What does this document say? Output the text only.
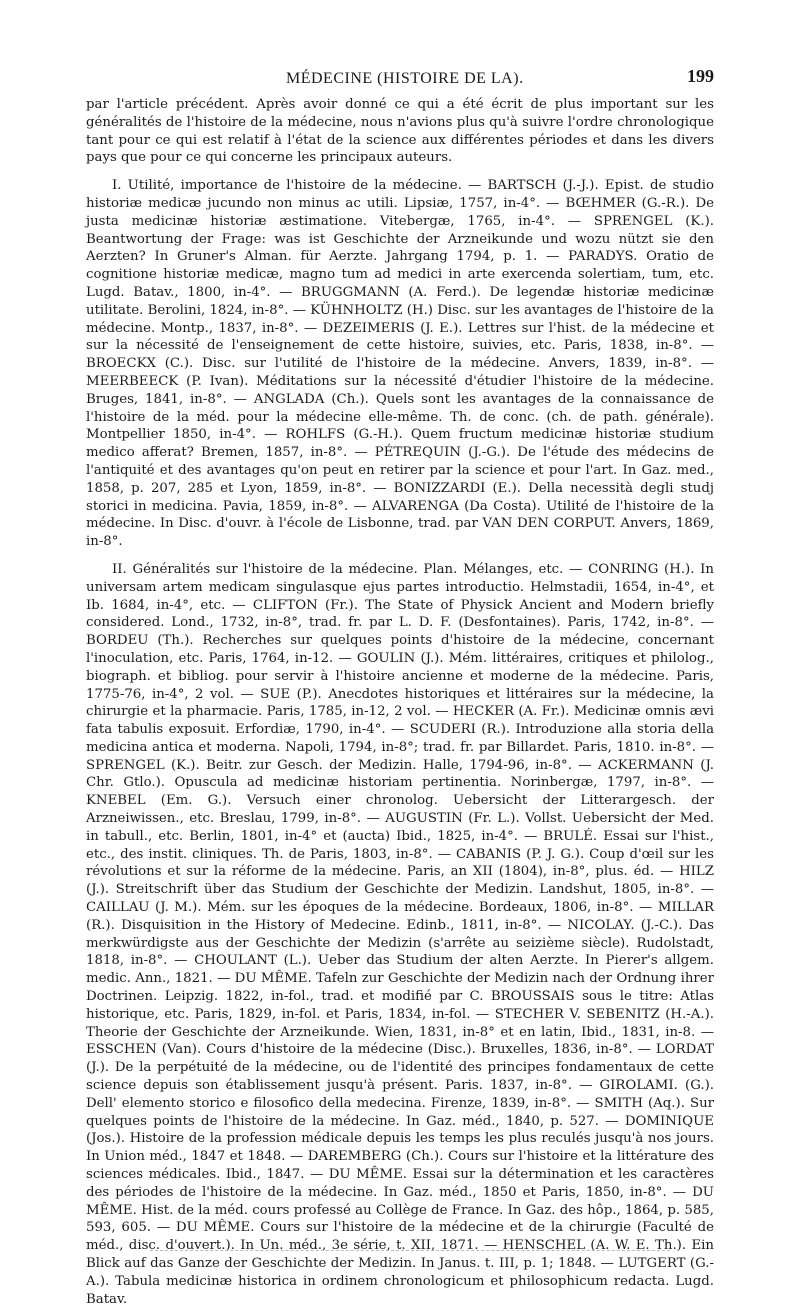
MÉDECINE (HISTOIRE DE LA).	199

par l'article précédent. Après avoir donné ce qui a été écrit de plus important sur les généralités de l'histoire de la médecine, nous n'avions plus qu'à suivre l'ordre chronologique tant pour ce qui est relatif à l'état de la science aux différentes périodes et dans les divers pays que pour ce qui concerne les principaux auteurs.

I. Utilité, importance de l'histoire de la médecine. — BARTSCH (J.-J.). Epist. de studio historiæ medicæ jucundo non minus ac utili. Lipsiæ, 1757, in-4°. — BŒHMER (G.-R.). De justa medicinæ historiæ æstimatione. Vitebergæ, 1765, in-4°. — SPRENGEL (K.). Beantwortung der Frage: was ist Geschichte der Arzneikunde und wozu nützt sie den Aerzten? In Gruner's Alman. für Aerzte. Jahrgang 1794, p. 1. — PARADYS. Oratio de cognitione historiæ medicæ, magno tum ad medici in arte exercenda solertiam, tum, etc. Lugd. Batav., 1800, in-4°. — BRUGGMANN (A. Ferd.). De legendæ historiæ medicinæ utilitate. Berolini, 1824, in-8°. — KÜHNHOLTZ (H.) Disc. sur les avantages de l'histoire de la médecine. Montp., 1837, in-8°. — DEZEIMERIS (J. E.). Lettres sur l'hist. de la médecine et sur la nécessité de l'enseignement de cette histoire, suivies, etc. Paris, 1838, in-8°. — BROECKX (C.). Disc. sur l'utilité de l'histoire de la médecine. Anvers, 1839, in-8°. — MEERBEECK (P. Ivan). Méditations sur la nécessité d'étudier l'histoire de la médecine. Bruges, 1841, in-8°. — ANGLADA (Ch.). Quels sont les avantages de la connaissance de l'histoire de la méd. pour la médecine elle-même. Th. de conc. (ch. de path. générale). Montpellier 1850, in-4°. — ROHLFS (G.-H.). Quem fructum medicinæ historiæ studium medico afferat? Bremen, 1857, in-8°. — PÉTREQUIN (J.-G.). De l'étude des médecins de l'antiquité et des avantages qu'on peut en retirer par la science et pour l'art. In Gaz. med., 1858, p. 207, 285 et Lyon, 1859, in-8°. — BONIZZARDI (E.). Della necessità degli studj storici in medicina. Pavia, 1859, in-8°. — ALVARENGA (Da Costa). Utilité de l'histoire de la médecine. In Disc. d'ouvr. à l'école de Lisbonne, trad. par VAN DEN CORPUT. Anvers, 1869, in-8°.

II. Généralités sur l'histoire de la médecine. Plan. Mélanges, etc. — CONRING (H.). In universam artem medicam singulasque ejus partes introductio. Helmstadii, 1654, in-4°, et Ib. 1684, in-4°, etc. — CLIFTON (Fr.). The State of Physick Ancient and Modern briefly considered. Lond., 1732, in-8°, trad. fr. par L. D. F. (Desfontaines). Paris, 1742, in-8°. — BORDEU (Th.). Recherches sur quelques points d'histoire de la médecine, concernant l'inoculation, etc. Paris, 1764, in-12. — GOULIN (J.). Mém. littéraires, critiques et philolog., biograph. et bibliog. pour servir à l'histoire ancienne et moderne de la médecine. Paris, 1775-76, in-4°, 2 vol. — SUE (P.). Anecdotes historiques et littéraires sur la médecine, la chirurgie et la pharmacie. Paris, 1785, in-12, 2 vol. — HECKER (A. Fr.). Medicinæ omnis ævi fata tabulis exposuit. Erfordiæ, 1790, in-4°. — SCUDERI (R.). Introduzione alla storia della medicina antica et moderna. Napoli, 1794, in-8°; trad. fr. par Billardet. Paris, 1810. in-8°. — SPRENGEL (K.). Beitr. zur Gesch. der Medizin. Halle, 1794-96, in-8°. — ACKERMANN (J. Chr. Gtlo.). Opuscula ad medicinæ historiam pertinentia. Norinbergæ, 1797, in-8°. — KNEBEL (Em. G.). Versuch einer chronolog. Uebersicht der Litterargesch. der Arzneiwissen., etc. Breslau, 1799, in-8°. — AUGUSTIN (Fr. L.). Vollst. Uebersicht der Med. in tabull., etc. Berlin, 1801, in-4° et (aucta) Ibid., 1825, in-4°. — BRULÉ. Essai sur l'hist., etc., des instit. cliniques. Th. de Paris, 1803, in-8°. — CABANIS (P. J. G.). Coup d'œil sur les révolutions et sur la réforme de la médecine. Paris, an XII (1804), in-8°, plus. éd. — HILZ (J.). Streitschrift über das Studium der Geschichte der Medizin. Landshut, 1805, in-8°. — CAILLAU (J. M.). Mém. sur les époques de la médecine. Bordeaux, 1806, in-8°. — MILLAR (R.). Disquisition in the History of Medecine. Edinb., 1811, in-8°. — NICOLAY. (J.-C.). Das merkwürdigste aus der Geschichte der Medizin (s'arrête au seizième siècle). Rudolstadt, 1818, in-8°. — CHOULANT (L.). Ueber das Studium der alten Aerzte. In Pierer's allgem. medic. Ann., 1821. — DU MÊME. Tafeln zur Geschichte der Medizin nach der Ordnung ihrer Doctrinen. Leipzig. 1822, in-fol., trad. et modifié par C. BROUSSAIS sous le titre: Atlas historique, etc. Paris, 1829, in-fol. et Paris, 1834, in-fol. — STECHER V. SEBENITZ (H.-A.). Theorie der Geschichte der Arzneikunde. Wien, 1831, in-8° et en latin, Ibid., 1831, in-8. — ESSCHEN (Van). Cours d'histoire de la médecine (Disc.). Bruxelles, 1836, in-8°. — LORDAT (J.). De la perpétuité de la médecine, ou de l'identité des principes fondamentaux de cette science depuis son établissement jusqu'à présent. Paris. 1837, in-8°. — GIROLAMI. (G.). Dell' elemento storico e filosofico della medecina. Firenze, 1839, in-8°. — SMITH (Aq.). Sur quelques points de l'histoire de la médecine. In Gaz. méd., 1840, p. 527. — DOMINIQUE (Jos.). Histoire de la profession médicale depuis les temps les plus reculés jusqu'à nos jours. In Union méd., 1847 et 1848. — DAREMBERG (Ch.). Cours sur l'histoire et la littérature des sciences médicales. Ibid., 1847. — DU MÊME. Essai sur la détermination et les caractères des périodes de l'histoire de la médecine. In Gaz. méd., 1850 et Paris, 1850, in-8°. — DU MÊME. Hist. de la méd. cours professé au Collège de France. In Gaz. des hôp., 1864, p. 585, 593, 605. — DU MÊME. Cours sur l'histoire de la médecine et de la chirurgie (Faculté de méd., disc. d'ouvert.). In Un. méd., 3e série, t. XII, 1871. — HENSCHEL (A. W. E. Th.). Ein Blick auf das Ganze der Geschichte der Medizin. In Janus. t. III, p. 1; 1848. — LUTGERT (G.-A.). Tabula medicinæ historica in ordinem chronologicum et philosophicum redacta. Lugd. Batav.
